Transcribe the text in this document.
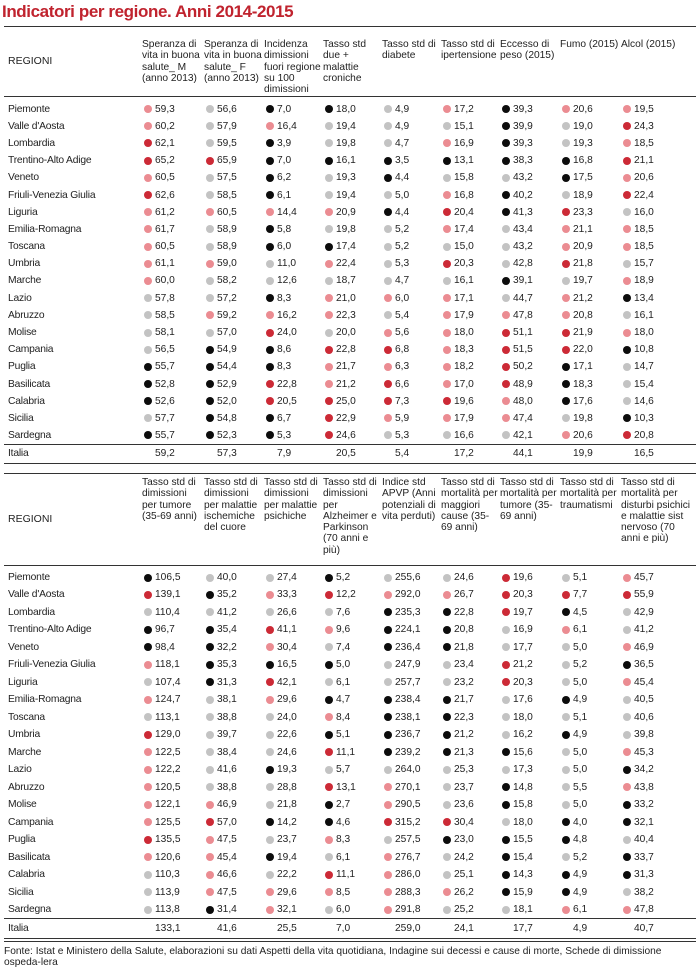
Indicatori per regione. Anni 2014-2015
REGIONI	Speranza di vita in buona salute_ M (anno 2013)	Speranza di vita in buona salute_ F (anno 2013)	Incidenza dimissioni fuori regione su 100 dimissioni	Tasso std due + malattie croniche	Tasso std di diabete	Tasso std di ipertensione	Eccesso di peso (2015)	Fumo (2015)	Alcol (2015)
Piemonte	59,3	56,6	7,0	18,0	4,9	17,2	39,3	20,6	19,5

Valle d'Aosta	60,2	57,9	16,4	19,4	4,9	15,1	39,9	19,0	24,3

Lombardia	62,1	59,5	3,9	19,8	4,7	16,9	39,3	19,3	18,5

Trentino-Alto Adige	65,2	65,9	7,0	16,1	3,5	13,1	38,3	16,8	21,1

Veneto	60,5	57,5	6,2	19,3	4,4	15,8	43,2	17,5	20,6

Friuli-Venezia Giulia	62,6	58,5	6,1	19,4	5,0	16,8	40,2	18,9	22,4

Liguria	61,2	60,5	14,4	20,9	4,4	20,4	41,3	23,3	16,0

Emilia-Romagna	61,7	58,9	5,8	19,8	5,2	17,4	43,4	21,1	18,5

Toscana	60,5	58,9	6,0	17,4	5,2	15,0	43,2	20,9	18,5

Umbria	61,1	59,0	11,0	22,4	5,3	20,3	42,8	21,8	15,7

Marche	60,0	58,2	12,6	18,7	4,7	16,1	39,1	19,7	18,9

Lazio	57,8	57,2	8,3	21,0	6,0	17,1	44,7	21,2	13,4

Abruzzo	58,5	59,2	16,2	22,3	5,4	17,9	47,8	20,8	16,1

Molise	58,1	57,0	24,0	20,0	5,6	18,0	51,1	21,9	18,0

Campania	56,5	54,9	8,6	22,8	6,8	18,3	51,5	22,0	10,8

Puglia	55,7	54,4	8,3	21,7	6,3	18,2	50,2	17,1	14,7

Basilicata	52,8	52,9	22,8	21,2	6,6	17,0	48,9	18,3	15,4

Calabria	52,6	52,0	20,5	25,0	7,3	19,6	48,0	17,6	14,6

Sicilia	57,7	54,8	6,7	22,9	5,9	17,9	47,4	19,8	10,3

Sardegna	55,7	52,3	5,3	24,6	5,3	16,6	42,1	20,6	20,8

Italia	59,2	57,3	7,9	20,5	5,4	17,2	44,1	19,9	16,5
REGIONI	Tasso std di dimissioni per tumore (35-69 anni)	Tasso std di dimissioni per malattie ischemiche del cuore	Tasso std di dimissioni per malattie psichiche	Tasso std di dimissioni per Alzheimer e Parkinson (70 anni e più)	Indice std APVP (Anni potenziali di vita perduti)	Tasso std di mortalità per maggiori cause (35-69 anni)	Tasso std di mortalità per tumore (35-69 anni)	Tasso std di mortalità per traumatismi	Tasso std di mortalità per disturbi psichici e malattie sist nervoso (70 anni e più)
Piemonte	106,5	40,0	27,4	5,2	255,6	24,6	19,6	5,1	45,7

Valle d'Aosta	139,1	35,2	33,3	12,2	292,0	26,7	20,3	7,7	55,9

Lombardia	110,4	41,2	26,6	7,6	235,3	22,8	19,7	4,5	42,9

Trentino-Alto Adige	96,7	35,4	41,1	9,6	224,1	20,8	16,9	6,1	41,2

Veneto	98,4	32,2	30,4	7,4	236,4	21,8	17,7	5,0	46,9

Friuli-Venezia Giulia	118,1	35,3	16,5	5,0	247,9	23,4	21,2	5,2	36,5

Liguria	107,4	31,3	42,1	6,1	257,7	23,2	20,3	5,0	45,4

Emilia-Romagna	124,7	38,1	29,6	4,7	238,4	21,7	17,6	4,9	40,5

Toscana	113,1	38,8	24,0	8,4	238,1	22,3	18,0	5,1	40,6

Umbria	129,0	39,7	22,6	5,1	236,7	21,2	16,2	4,9	39,8

Marche	122,5	38,4	24,6	11,1	239,2	21,3	15,6	5,0	45,3

Lazio	122,2	41,6	19,3	5,7	264,0	25,3	17,3	5,0	34,2

Abruzzo	120,5	38,8	28,8	13,1	270,1	23,7	14,8	5,5	43,8

Molise	122,1	46,9	21,8	2,7	290,5	23,6	15,8	5,0	33,2

Campania	125,5	57,0	14,2	4,6	315,2	30,4	18,0	4,0	32,1

Puglia	135,5	47,5	23,7	8,3	257,5	23,0	15,5	4,8	40,4

Basilicata	120,6	45,4	19,4	6,1	276,7	24,2	15,4	5,2	33,7

Calabria	110,3	46,6	22,2	11,1	286,0	25,1	14,3	4,9	31,3

Sicilia	113,9	47,5	29,6	8,5	288,3	26,2	15,9	4,9	38,2

Sardegna	113,8	31,4	32,1	6,0	291,8	25,2	18,1	6,1	47,8

Italia	133,1	41,6	25,5	7,0	259,0	24,1	17,7	4,9	40,7
Fonte: Istat e Ministero della Salute, elaborazioni su dati Aspetti della vita quotidiana, Indagine sui decessi e cause di morte, Schede di dimissione ospeda-lera
